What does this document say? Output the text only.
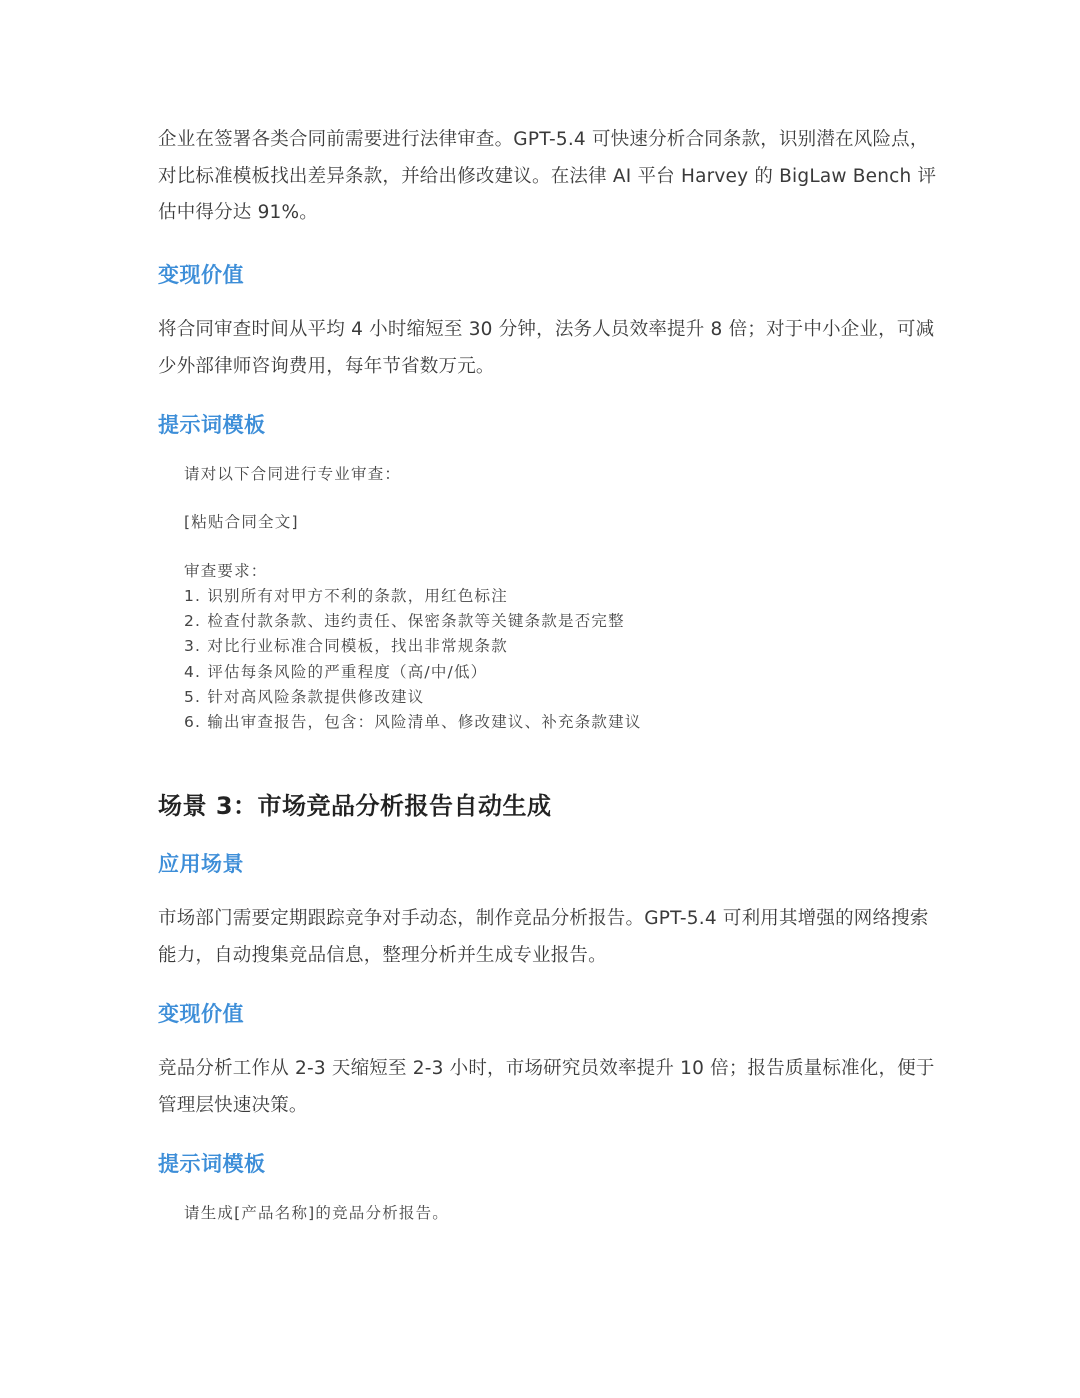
企业在签署各类合同前需要进行法律审查。GPT-5.4 可快速分析合同条款，识别潜在风险点，
对比标准模板找出差异条款，并给出修改建议。在法律 AI 平台 Harvey 的 BigLaw Bench 评
估中得分达 91%。
变现价值
将合同审查时间从平均 4 小时缩短至 30 分钟，法务人员效率提升 8 倍；对于中小企业，可减
少外部律师咨询费用，每年节省数万元。
提示词模板
请对以下合同进行专业审查：
[粘贴合同全文]
审查要求：
1. 识别所有对甲方不利的条款，用红色标注
2. 检查付款条款、违约责任、保密条款等关键条款是否完整
3. 对比行业标准合同模板，找出非常规条款
4. 评估每条风险的严重程度（高/中/低）
5. 针对高风险条款提供修改建议
6. 输出审查报告，包含：风险清单、修改建议、补充条款建议
场景 3：市场竞品分析报告自动生成
应用场景
市场部门需要定期跟踪竞争对手动态，制作竞品分析报告。GPT-5.4 可利用其增强的网络搜索
能力，自动搜集竞品信息，整理分析并生成专业报告。
变现价值
竞品分析工作从 2-3 天缩短至 2-3 小时，市场研究员效率提升 10 倍；报告质量标准化，便于
管理层快速决策。
提示词模板
请生成[产品名称]的竞品分析报告。
